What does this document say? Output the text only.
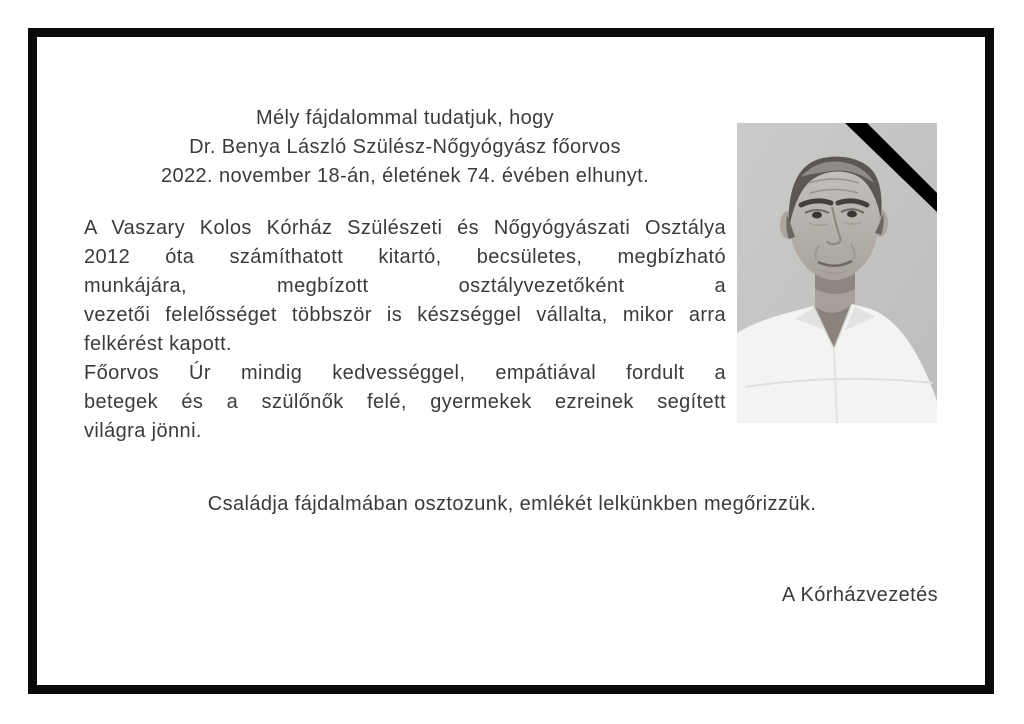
Mély fájdalommal tudatjuk, hogy
Dr. Benya László Szülész-Nőgyógyász főorvos
2022. november 18-án, életének 74. évében elhunyt.
A Vaszary Kolos Kórház Szülészeti és Nőgyógyászati Osztálya
2012 óta számíthatott kitartó, becsületes, megbízható
munkájára, megbízott osztályvezetőként a
vezetői felelősséget többször is készséggel vállalta, mikor arra
felkérést kapott.
Főorvos Úr mindig kedvességgel, empátiával fordult a
betegek és a szülőnők felé, gyermekek ezreinek segített
világra jönni.
Családja fájdalmában osztozunk, emlékét lelkünkben megőrizzük.
A Kórházvezetés
